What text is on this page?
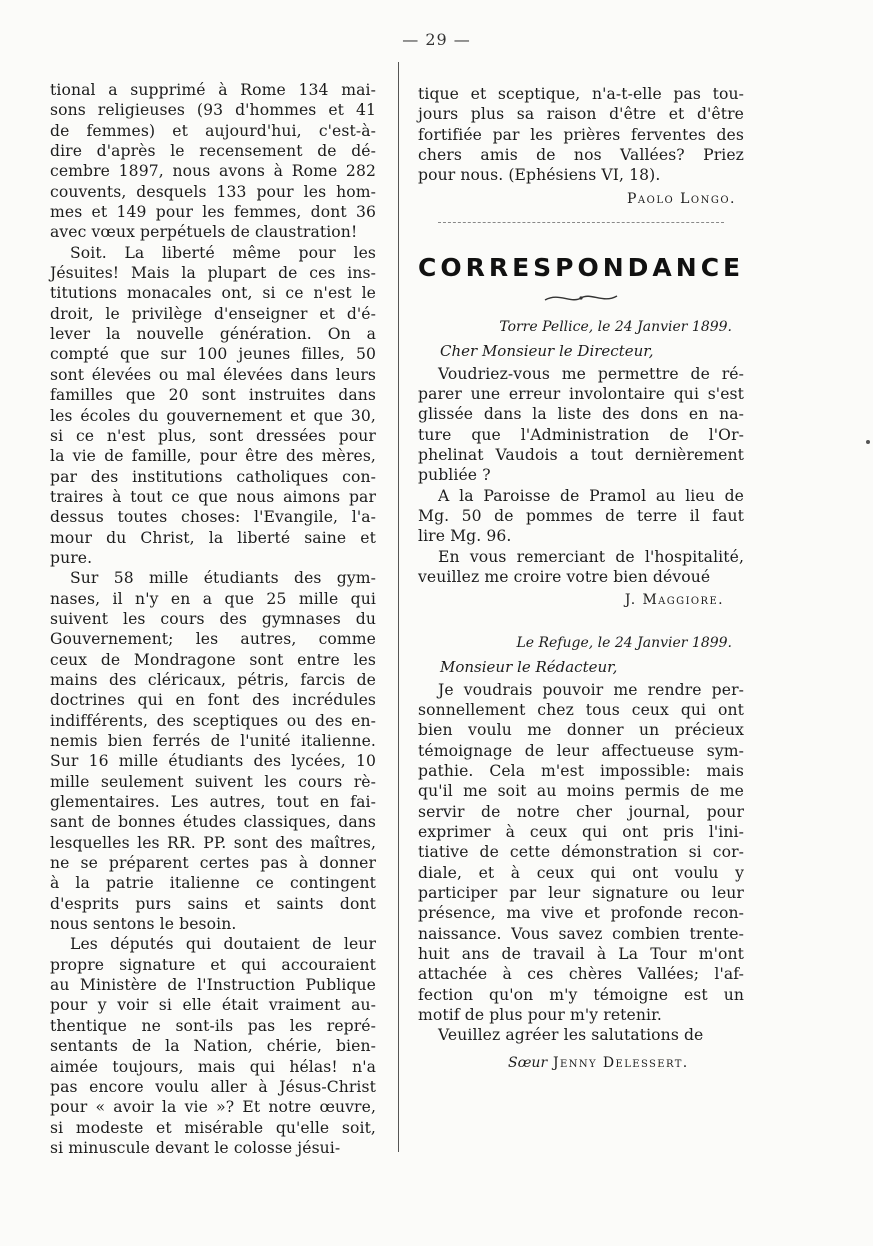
— 29 —
tional a supprimé à Rome 134 mai-
sons religieuses (93 d'hommes et 41
de femmes) et aujourd'hui, c'est-à-
dire d'après le recensement de dé-
cembre 1897, nous avons à Rome 282
couvents, desquels 133 pour les hom-
mes et 149 pour les femmes, dont 36
avec vœux perpétuels de claustration!
Soit. La liberté même pour les
Jésuites! Mais la plupart de ces ins-
titutions monacales ont, si ce n'est le
droit, le privilège d'enseigner et d'é-
lever la nouvelle génération. On a
compté que sur 100 jeunes filles, 50
sont élevées ou mal élevées dans leurs
familles que 20 sont instruites dans
les écoles du gouvernement et que 30,
si ce n'est plus, sont dressées pour
la vie de famille, pour être des mères,
par des institutions catholiques con-
traires à tout ce que nous aimons par
dessus toutes choses: l'Evangile, l'a-
mour du Christ, la liberté saine et
pure.
Sur 58 mille étudiants des gym-
nases, il n'y en a que 25 mille qui
suivent les cours des gymnases du
Gouvernement; les autres, comme
ceux de Mondragone sont entre les
mains des cléricaux, pétris, farcis de
doctrines qui en font des incrédules
indifférents, des sceptiques ou des en-
nemis bien ferrés de l'unité italienne.
Sur 16 mille étudiants des lycées, 10
mille seulement suivent les cours rè-
glementaires. Les autres, tout en fai-
sant de bonnes études classiques, dans
lesquelles les RR. PP. sont des maîtres,
ne se préparent certes pas à donner
à la patrie italienne ce contingent
d'esprits purs sains et saints dont
nous sentons le besoin.
Les députés qui doutaient de leur
propre signature et qui accouraient
au Ministère de l'Instruction Publique
pour y voir si elle était vraiment au-
thentique ne sont-ils pas les repré-
sentants de la Nation, chérie, bien-
aimée toujours, mais qui hélas! n'a
pas encore voulu aller à Jésus-Christ
pour « avoir la vie »? Et notre œuvre,
si modeste et misérable qu'elle soit,
si minuscule devant le colosse jésui-
tique et sceptique, n'a-t-elle pas tou-
jours plus sa raison d'être et d'être
fortifiée par les prières ferventes des
chers amis de nos Vallées? Priez
pour nous. (Ephésiens VI, 18).
Paolo Longo.
CORRESPONDANCE
Torre Pellice, le 24 Janvier 1899.
Cher Monsieur le Directeur,
Voudriez-vous me permettre de ré-
parer une erreur involontaire qui s'est
glissée dans la liste des dons en na-
ture que l'Administration de l'Or-
phelinat Vaudois a tout dernièrement
publiée ?
A la Paroisse de Pramol au lieu de
Mg. 50 de pommes de terre il faut
lire Mg. 96.
En vous remerciant de l'hospitalité,
veuillez me croire votre bien dévoué
J. Maggiore.
Le Refuge, le 24 Janvier 1899.
Monsieur le Rédacteur,
Je voudrais pouvoir me rendre per-
sonnellement chez tous ceux qui ont
bien voulu me donner un précieux
témoignage de leur affectueuse sym-
pathie. Cela m'est impossible: mais
qu'il me soit au moins permis de me
servir de notre cher journal, pour
exprimer à ceux qui ont pris l'ini-
tiative de cette démonstration si cor-
diale, et à ceux qui ont voulu y
participer par leur signature ou leur
présence, ma vive et profonde recon-
naissance. Vous savez combien trente-
huit ans de travail à La Tour m'ont
attachée à ces chères Vallées; l'af-
fection qu'on m'y témoigne est un
motif de plus pour m'y retenir.
Veuillez agréer les salutations de
Sœur Jenny Delessert.
